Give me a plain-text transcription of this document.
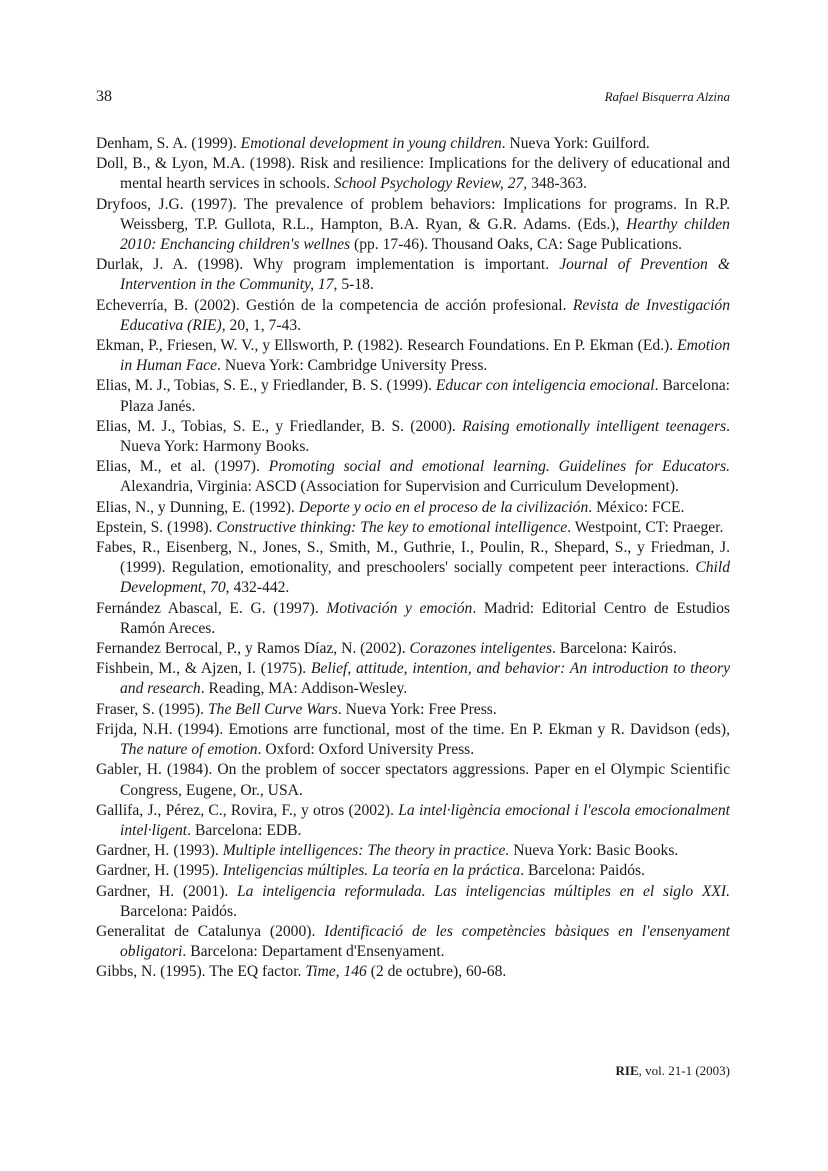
38	Rafael Bisquerra Alzina

Denham, S. A. (1999). Emotional development in young children. Nueva York: Guilford.

Doll, B., & Lyon, M.A. (1998). Risk and resilience: Implications for the delivery of educational and mental hearth services in schools. School Psychology Review, 27, 348-363.

Dryfoos, J.G. (1997). The prevalence of problem behaviors: Implications for programs. In R.P. Weissberg, T.P. Gullota, R.L., Hampton, B.A. Ryan, & G.R. Adams. (Eds.), Hearthy childen 2010: Enchancing children's wellnes (pp. 17-46). Thousand Oaks, CA: Sage Publications.

Durlak, J. A. (1998). Why program implementation is important. Journal of Prevention & Intervention in the Community, 17, 5-18.

Echeverría, B. (2002). Gestión de la competencia de acción profesional. Revista de Investigación Educativa (RIE), 20, 1, 7-43.

Ekman, P., Friesen, W. V., y Ellsworth, P. (1982). Research Foundations. En P. Ekman (Ed.). Emotion in Human Face. Nueva York: Cambridge University Press.

Elias, M. J., Tobias, S. E., y Friedlander, B. S. (1999). Educar con inteligencia emocional. Barcelona: Plaza Janés.

Elias, M. J., Tobias, S. E., y Friedlander, B. S. (2000). Raising emotionally intelligent teenagers. Nueva York: Harmony Books.

Elias, M., et al. (1997). Promoting social and emotional learning. Guidelines for Educators. Alexandria, Virginia: ASCD (Association for Supervision and Curriculum Development).

Elias, N., y Dunning, E. (1992). Deporte y ocio en el proceso de la civilización. México: FCE.

Epstein, S. (1998). Constructive thinking: The key to emotional intelligence. Westpoint, CT: Praeger.

Fabes, R., Eisenberg, N., Jones, S., Smith, M., Guthrie, I., Poulin, R., Shepard, S., y Friedman, J. (1999). Regulation, emotionality, and preschoolers' socially competent peer interactions. Child Development, 70, 432-442.

Fernández Abascal, E. G. (1997). Motivación y emoción. Madrid: Editorial Centro de Estudios Ramón Areces.

Fernandez Berrocal, P., y Ramos Díaz, N. (2002). Corazones inteligentes. Barcelona: Kairós.

Fishbein, M., & Ajzen, I. (1975). Belief, attitude, intention, and behavior: An introduction to theory and research. Reading, MA: Addison-Wesley.

Fraser, S. (1995). The Bell Curve Wars. Nueva York: Free Press.

Frijda, N.H. (1994). Emotions arre functional, most of the time. En P. Ekman y R. Davidson (eds), The nature of emotion. Oxford: Oxford University Press.

Gabler, H. (1984). On the problem of soccer spectators aggressions. Paper en el Olympic Scientific Congress, Eugene, Or., USA.

Gallifa, J., Pérez, C., Rovira, F., y otros (2002). La intel·ligència emocional i l'escola emocionalment intel·ligent. Barcelona: EDB.

Gardner, H. (1993). Multiple intelligences: The theory in practice. Nueva York: Basic Books.

Gardner, H. (1995). Inteligencias múltiples. La teoría en la práctica. Barcelona: Paidós.

Gardner, H. (2001). La inteligencia reformulada. Las inteligencias múltiples en el siglo XXI. Barcelona: Paidós.

Generalitat de Catalunya (2000). Identificació de les competències bàsiques en l'ensenyament obligatori. Barcelona: Departament d'Ensenyament.

Gibbs, N. (1995). The EQ factor. Time, 146 (2 de octubre), 60-68.

RIE, vol. 21-1 (2003)
